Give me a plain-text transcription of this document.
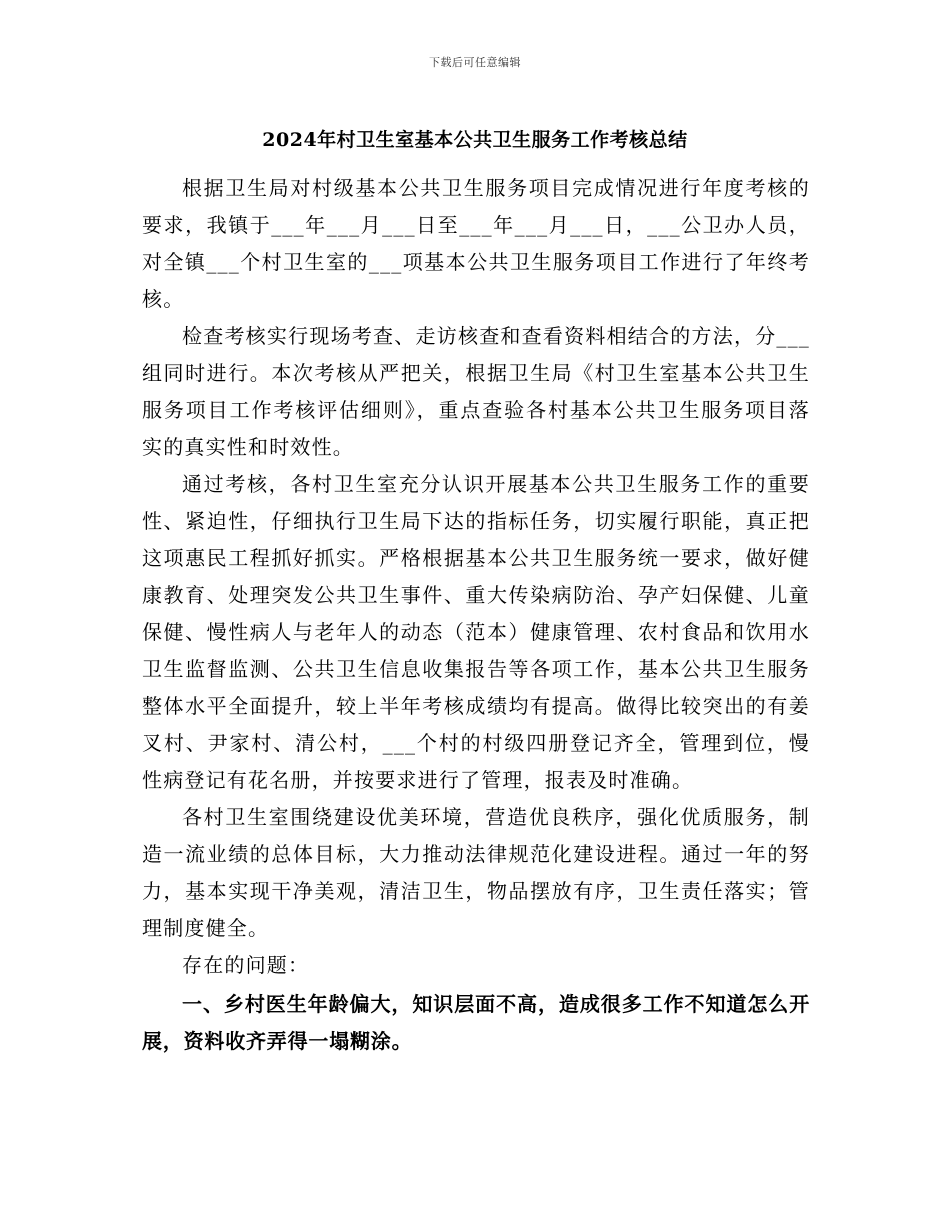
下载后可任意编辑
2024年村卫生室基本公共卫生服务工作考核总结

根据卫生局对村级基本公共卫生服务项目完成情况进行年度考核的要求，我镇于___年___月___日至___年___月___日，___公卫办人员，对全镇___个村卫生室的___项基本公共卫生服务项目工作进行了年终考核。

检查考核实行现场考查、走访核查和查看资料相结合的方法，分___组同时进行。本次考核从严把关，根据卫生局《村卫生室基本公共卫生服务项目工作考核评估细则》，重点查验各村基本公共卫生服务项目落实的真实性和时效性。

通过考核，各村卫生室充分认识开展基本公共卫生服务工作的重要性、紧迫性，仔细执行卫生局下达的指标任务，切实履行职能，真正把这项惠民工程抓好抓实。严格根据基本公共卫生服务统一要求，做好健康教育、处理突发公共卫生事件、重大传染病防治、孕产妇保健、儿童保健、慢性病人与老年人的动态（范本）健康管理、农村食品和饮用水卫生监督监测、公共卫生信息收集报告等各项工作，基本公共卫生服务整体水平全面提升，较上半年考核成绩均有提高。做得比较突出的有姜叉村、尹家村、清公村，___个村的村级四册登记齐全，管理到位，慢性病登记有花名册，并按要求进行了管理，报表及时准确。

各村卫生室围绕建设优美环境，营造优良秩序，强化优质服务，制造一流业绩的总体目标，大力推动法律规范化建设进程。通过一年的努力，基本实现干净美观，清洁卫生，物品摆放有序，卫生责任落实；管理制度健全。

存在的问题：

一、乡村医生年龄偏大，知识层面不高，造成很多工作不知道怎么开展，资料收齐弄得一塌糊涂。
